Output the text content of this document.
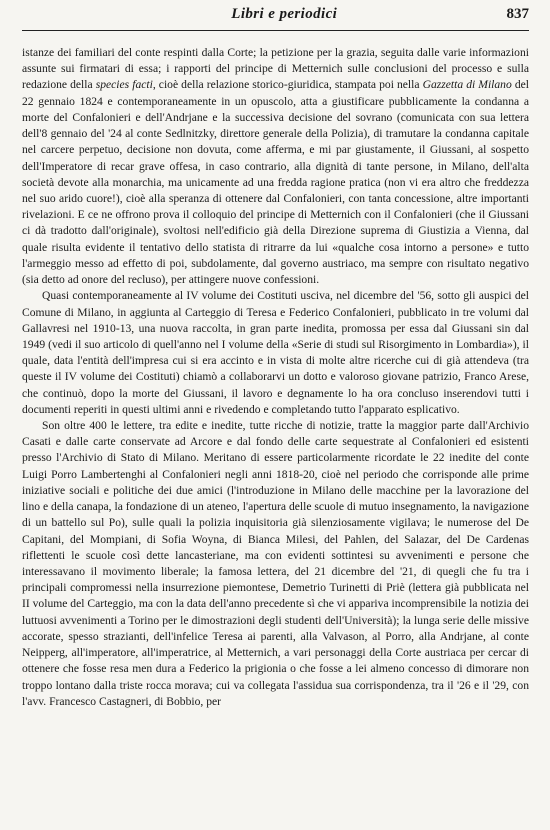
Libri e periodici	837

istanze dei familiari del conte respinti dalla Corte; la petizione per la grazia, seguita dalle varie informazioni assunte sui firmatari di essa; i rapporti del principe di Metternich sulle conclusioni del processo e sulla redazione della species facti, cioè della relazione storico-giuridica, stampata poi nella Gazzetta di Milano del 22 gennaio 1824 e contemporaneamente in un opuscolo, atta a giustificare pubblicamente la condanna a morte del Confalonieri e dell'Andrjane e la successiva decisione del sovrano (comunicata con sua lettera dell'8 gennaio del '24 al conte Sedlnitzky, direttore generale della Polizia), di tramutare la condanna capitale nel carcere perpetuo, decisione non dovuta, come afferma, e mi par giustamente, il Giussani, al sospetto dell'Imperatore di recar grave offesa, in caso contrario, alla dignità di tante persone, in Milano, dell'alta società devote alla monarchia, ma unicamente ad una fredda ragione pratica (non vi era altro che freddezza nel suo arido cuore!), cioè alla speranza di ottenere dal Confalonieri, con tanta concessione, altre importanti rivelazioni. E ce ne offrono prova il colloquio del principe di Metternich con il Confalonieri (che il Giussani ci dà tradotto dall'originale), svoltosi nell'edificio già della Direzione suprema di Giustizia a Vienna, dal quale risulta evidente il tentativo dello statista di ritrarre da lui «qualche cosa intorno a persone» e tutto l'armeggio messo ad effetto di poi, subdolamente, dal governo austriaco, ma sempre con risultato negativo (sia detto ad onore del recluso), per attingere nuove confessioni.

Quasi contemporaneamente al IV volume dei Costituti usciva, nel dicembre del '56, sotto gli auspici del Comune di Milano, in aggiunta al Carteggio di Teresa e Federico Confalonieri, pubblicato in tre volumi dal Gallavresi nel 1910-13, una nuova raccolta, in gran parte inedita, promossa per essa dal Giussani sin dal 1949 (vedi il suo articolo di quell'anno nel I volume della «Serie di studi sul Risorgimento in Lombardia»), il quale, data l'entità dell'impresa cui si era accinto e in vista di molte altre ricerche cui di già attendeva (tra queste il IV volume dei Costituti) chiamò a collaborarvi un dotto e valoroso giovane patrizio, Franco Arese, che continuò, dopo la morte del Giussani, il lavoro e degnamente lo ha ora concluso inserendovi tutti i documenti reperiti in questi ultimi anni e rivedendo e completando tutto l'apparato esplicativo.

Son oltre 400 le lettere, tra edite e inedite, tutte ricche di notizie, tratte la maggior parte dall'Archivio Casati e dalle carte conservate ad Arcore e dal fondo delle carte sequestrate al Confalonieri ed esistenti presso l'Archivio di Stato di Milano. Meritano di essere particolarmente ricordate le 22 inedite del conte Luigi Porro Lambertenghi al Confalonieri negli anni 1818-20, cioè nel periodo che corrisponde alle prime iniziative sociali e politiche dei due amici (l'introduzione in Milano delle macchine per la lavorazione del lino e della canapa, la fondazione di un ateneo, l'apertura delle scuole di mutuo insegnamento, la navigazione di un battello sul Po), sulle quali la polizia inquisitoria già silenziosamente vigilava; le numerose del De Capitani, del Mompiani, di Sofia Woyna, di Bianca Milesi, del Pahlen, del Salazar, del De Cardenas riflettenti le scuole così dette lancasteriane, ma con evidenti sottintesi su avvenimenti e persone che interessavano il movimento liberale; la famosa lettera, del 21 dicembre del '21, di quegli che fu tra i principali compromessi nella insurrezione piemontese, Demetrio Turinetti di Priè (lettera già pubblicata nel II volume del Carteggio, ma con la data dell'anno precedente sì che vi appariva incomprensibile la notizia dei luttuosi avvenimenti a Torino per le dimostrazioni degli studenti dell'Università); la lunga serie delle missive accorate, spesso strazianti, dell'infelice Teresa ai parenti, alla Valvason, al Porro, alla Andrjane, al conte Neipperg, all'imperatore, all'imperatrice, al Metternich, a vari personaggi della Corte austriaca per cercar di ottenere che fosse resa men dura a Federico la prigionia o che fosse a lei almeno concesso di dimorare non troppo lontano dalla triste rocca morava; cui va collegata l'assidua sua corrispondenza, tra il '26 e il '29, con l'avv. Francesco Castagneri, di Bobbio, per
